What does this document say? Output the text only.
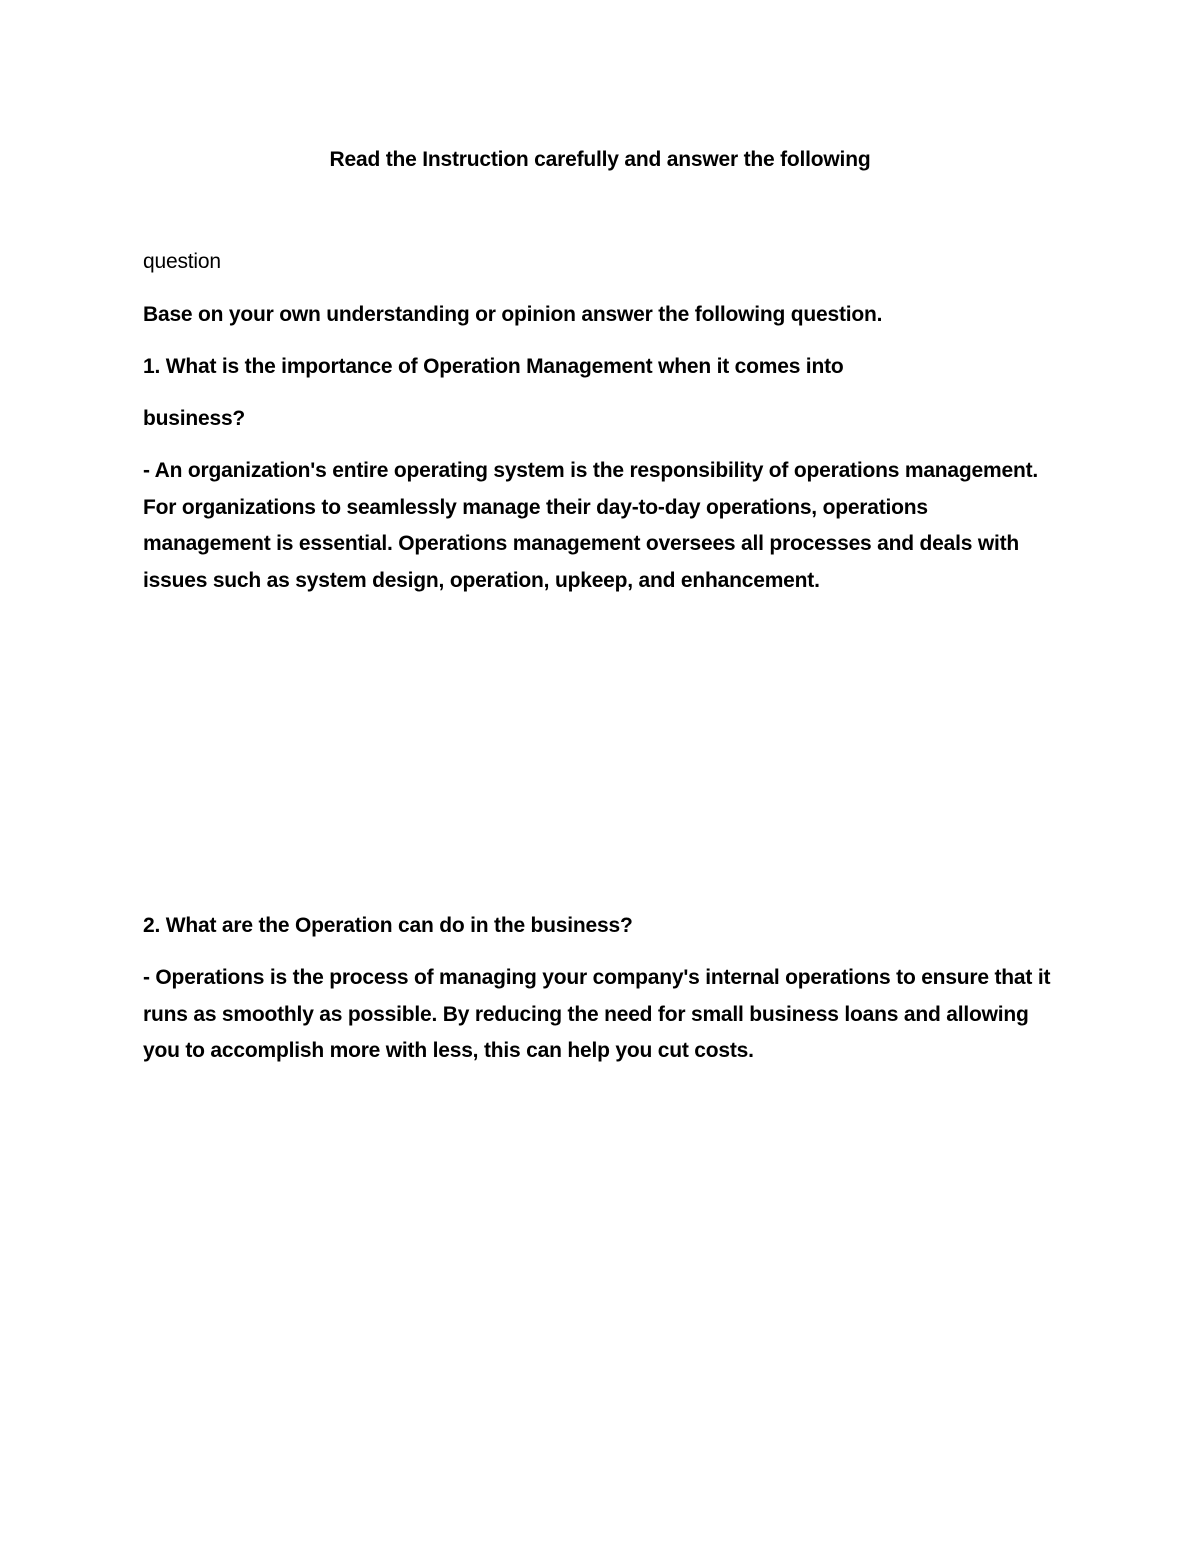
Read the Instruction carefully and answer the following

question

Base on your own understanding or opinion answer the following question.

1. What is the importance of Operation Management when it comes into

business?

- An organization's entire operating system is the responsibility of operations management. For organizations to seamlessly manage their day-to-day operations, operations management is essential. Operations management oversees all processes and deals with issues such as system design, operation, upkeep, and enhancement.

2. What are the Operation can do in the business?

- Operations is the process of managing your company's internal operations to ensure that it runs as smoothly as possible. By reducing the need for small business loans and allowing you to accomplish more with less, this can help you cut costs.
